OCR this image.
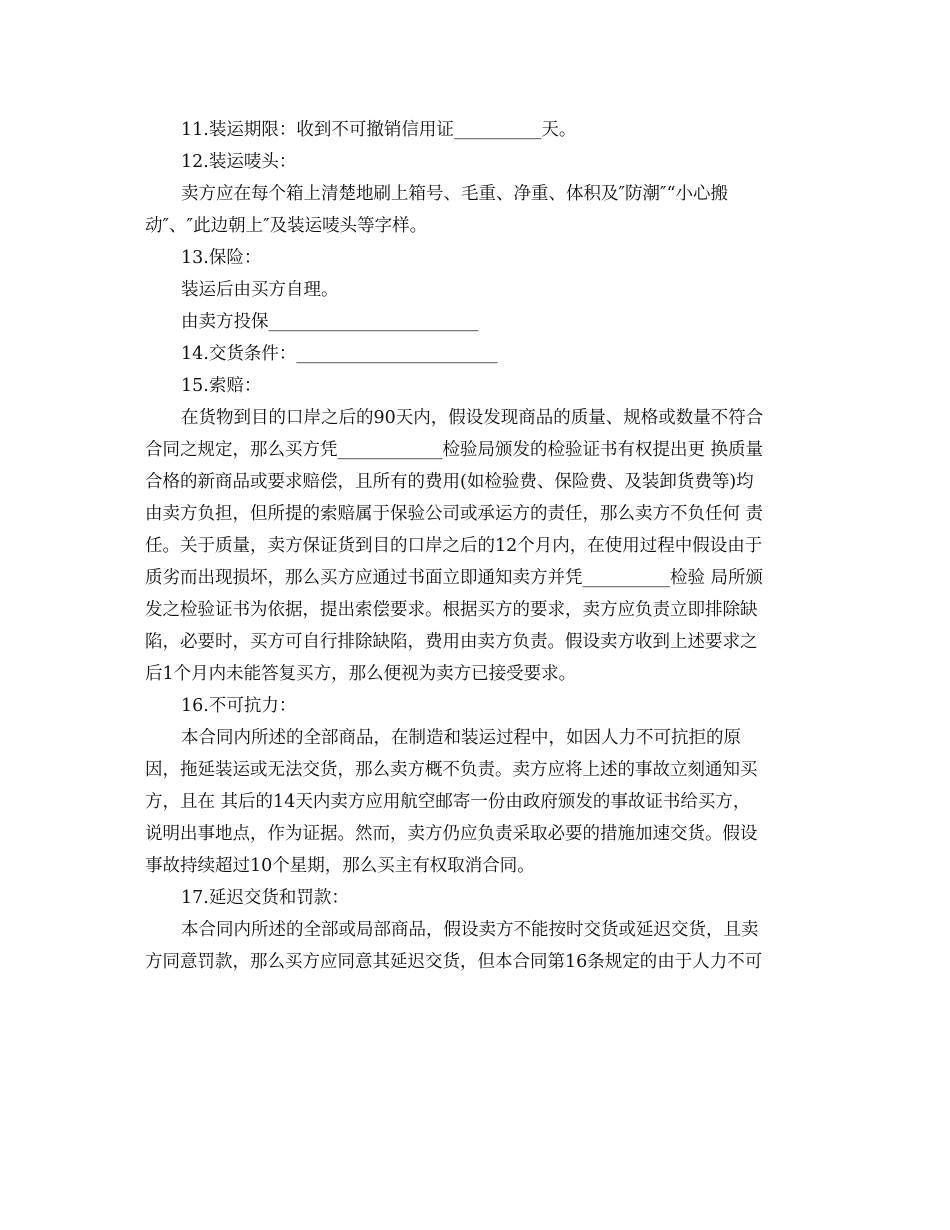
11.装运期限：收到不可撤销信用证__________天。
12.装运唛头：
卖方应在每个箱上清楚地刷上箱号、毛重、净重、体积及″防潮″“小心搬
动″、″此边朝上″及装运唛头等字样。
13.保险：
装运后由买方自理。
由卖方投保________________________
14.交货条件：_______________________
15.索赔：
在货物到目的口岸之后的90天内，假设发现商品的质量、规格或数量不符合
合同之规定，那么买方凭____________检验局颁发的检验证书有权提出更 换质量
合格的新商品或要求赔偿，且所有的费用(如检验费、保险费、及装卸货费等)均
由卖方负担，但所提的索赔属于保验公司或承运方的责任，那么卖方不负任何 责
任。关于质量，卖方保证货到目的口岸之后的12个月内，在使用过程中假设由于
质劣而出现损坏，那么买方应通过书面立即通知卖方并凭__________检验 局所颁
发之检验证书为依据，提出索偿要求。根据买方的要求，卖方应负责立即排除缺
陷，必要时，买方可自行排除缺陷，费用由卖方负责。假设卖方收到上述要求之
后1个月内未能答复买方，那么便视为卖方已接受要求。
16.不可抗力：
本合同内所述的全部商品，在制造和装运过程中，如因人力不可抗拒的原
因，拖延装运或无法交货，那么卖方概不负责。卖方应将上述的事故立刻通知买
方，且在 其后的14天内卖方应用航空邮寄一份由政府颁发的事故证书给买方，
说明出事地点，作为证据。然而，卖方仍应负责采取必要的措施加速交货。假设
事故持续超过10个星期，那么买主有权取消合同。
17.延迟交货和罚款：
本合同内所述的全部或局部商品，假设卖方不能按时交货或延迟交货，且卖
方同意罚款，那么买方应同意其延迟交货，但本合同第16条规定的由于人力不可
